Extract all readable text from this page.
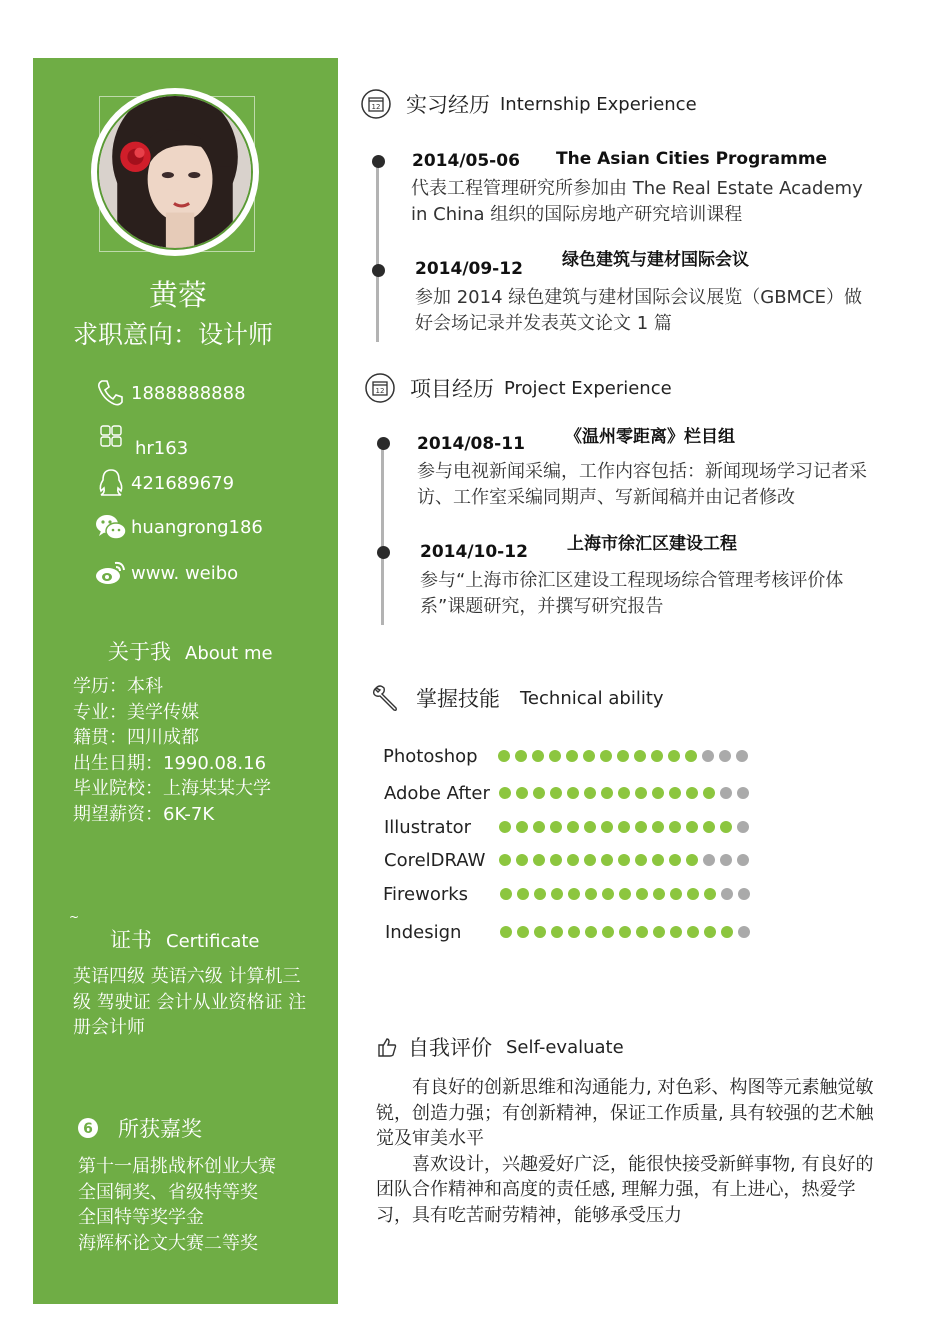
黄蓉
求职意向：设计师
1888888888
hr163
421689679
huangrong186
www. weibo
关于我 About me
学历：本科
专业：美学传媒
籍贯：四川成都
出生日期：1990.08.16
毕业院校：上海某某大学
期望薪资：6K-7K
~
证书 Certificate
英语四级 英语六级 计算机三级 驾驶证 会计从业资格证 注册会计师
6 所获嘉奖
第十一届挑战杯创业大赛
全国铜奖、省级特等奖
全国特等奖学金
海辉杯论文大赛二等奖
12 实习经历 Internship Experience
2014/05-06 The Asian Cities Programme
代表工程管理研究所参加由 The Real Estate Academy in China 组织的国际房地产研究培训课程
2014/09-12 绿色建筑与建材国际会议
参加 2014 绿色建筑与建材国际会议展览（GBMCE）做好会场记录并发表英文论文 1 篇
12 项目经历 Project Experience
2014/08-11 《温州零距离》栏目组
参与电视新闻采编，工作内容包括：新闻现场学习记者采访、工作室采编同期声、写新闻稿并由记者修改
2014/10-12 上海市徐汇区建设工程
参与“上海市徐汇区建设工程现场综合管理考核评价体系”课题研究，并撰写研究报告
掌握技能 Technical ability
Photoshop
Adobe After
Illustrator
CorelDRAW
Fireworks
Indesign
自我评价 Self-evaluate

有良好的创新思维和沟通能力, 对色彩、构图等元素触觉敏锐，创造力强；有创新精神，保证工作质量, 具有较强的艺术触觉及审美水平

喜欢设计，兴趣爱好广泛，能很快接受新鲜事物, 有良好的团队合作精神和高度的责任感, 理解力强，有上进心，热爱学习，具有吃苦耐劳精神，能够承受压力
